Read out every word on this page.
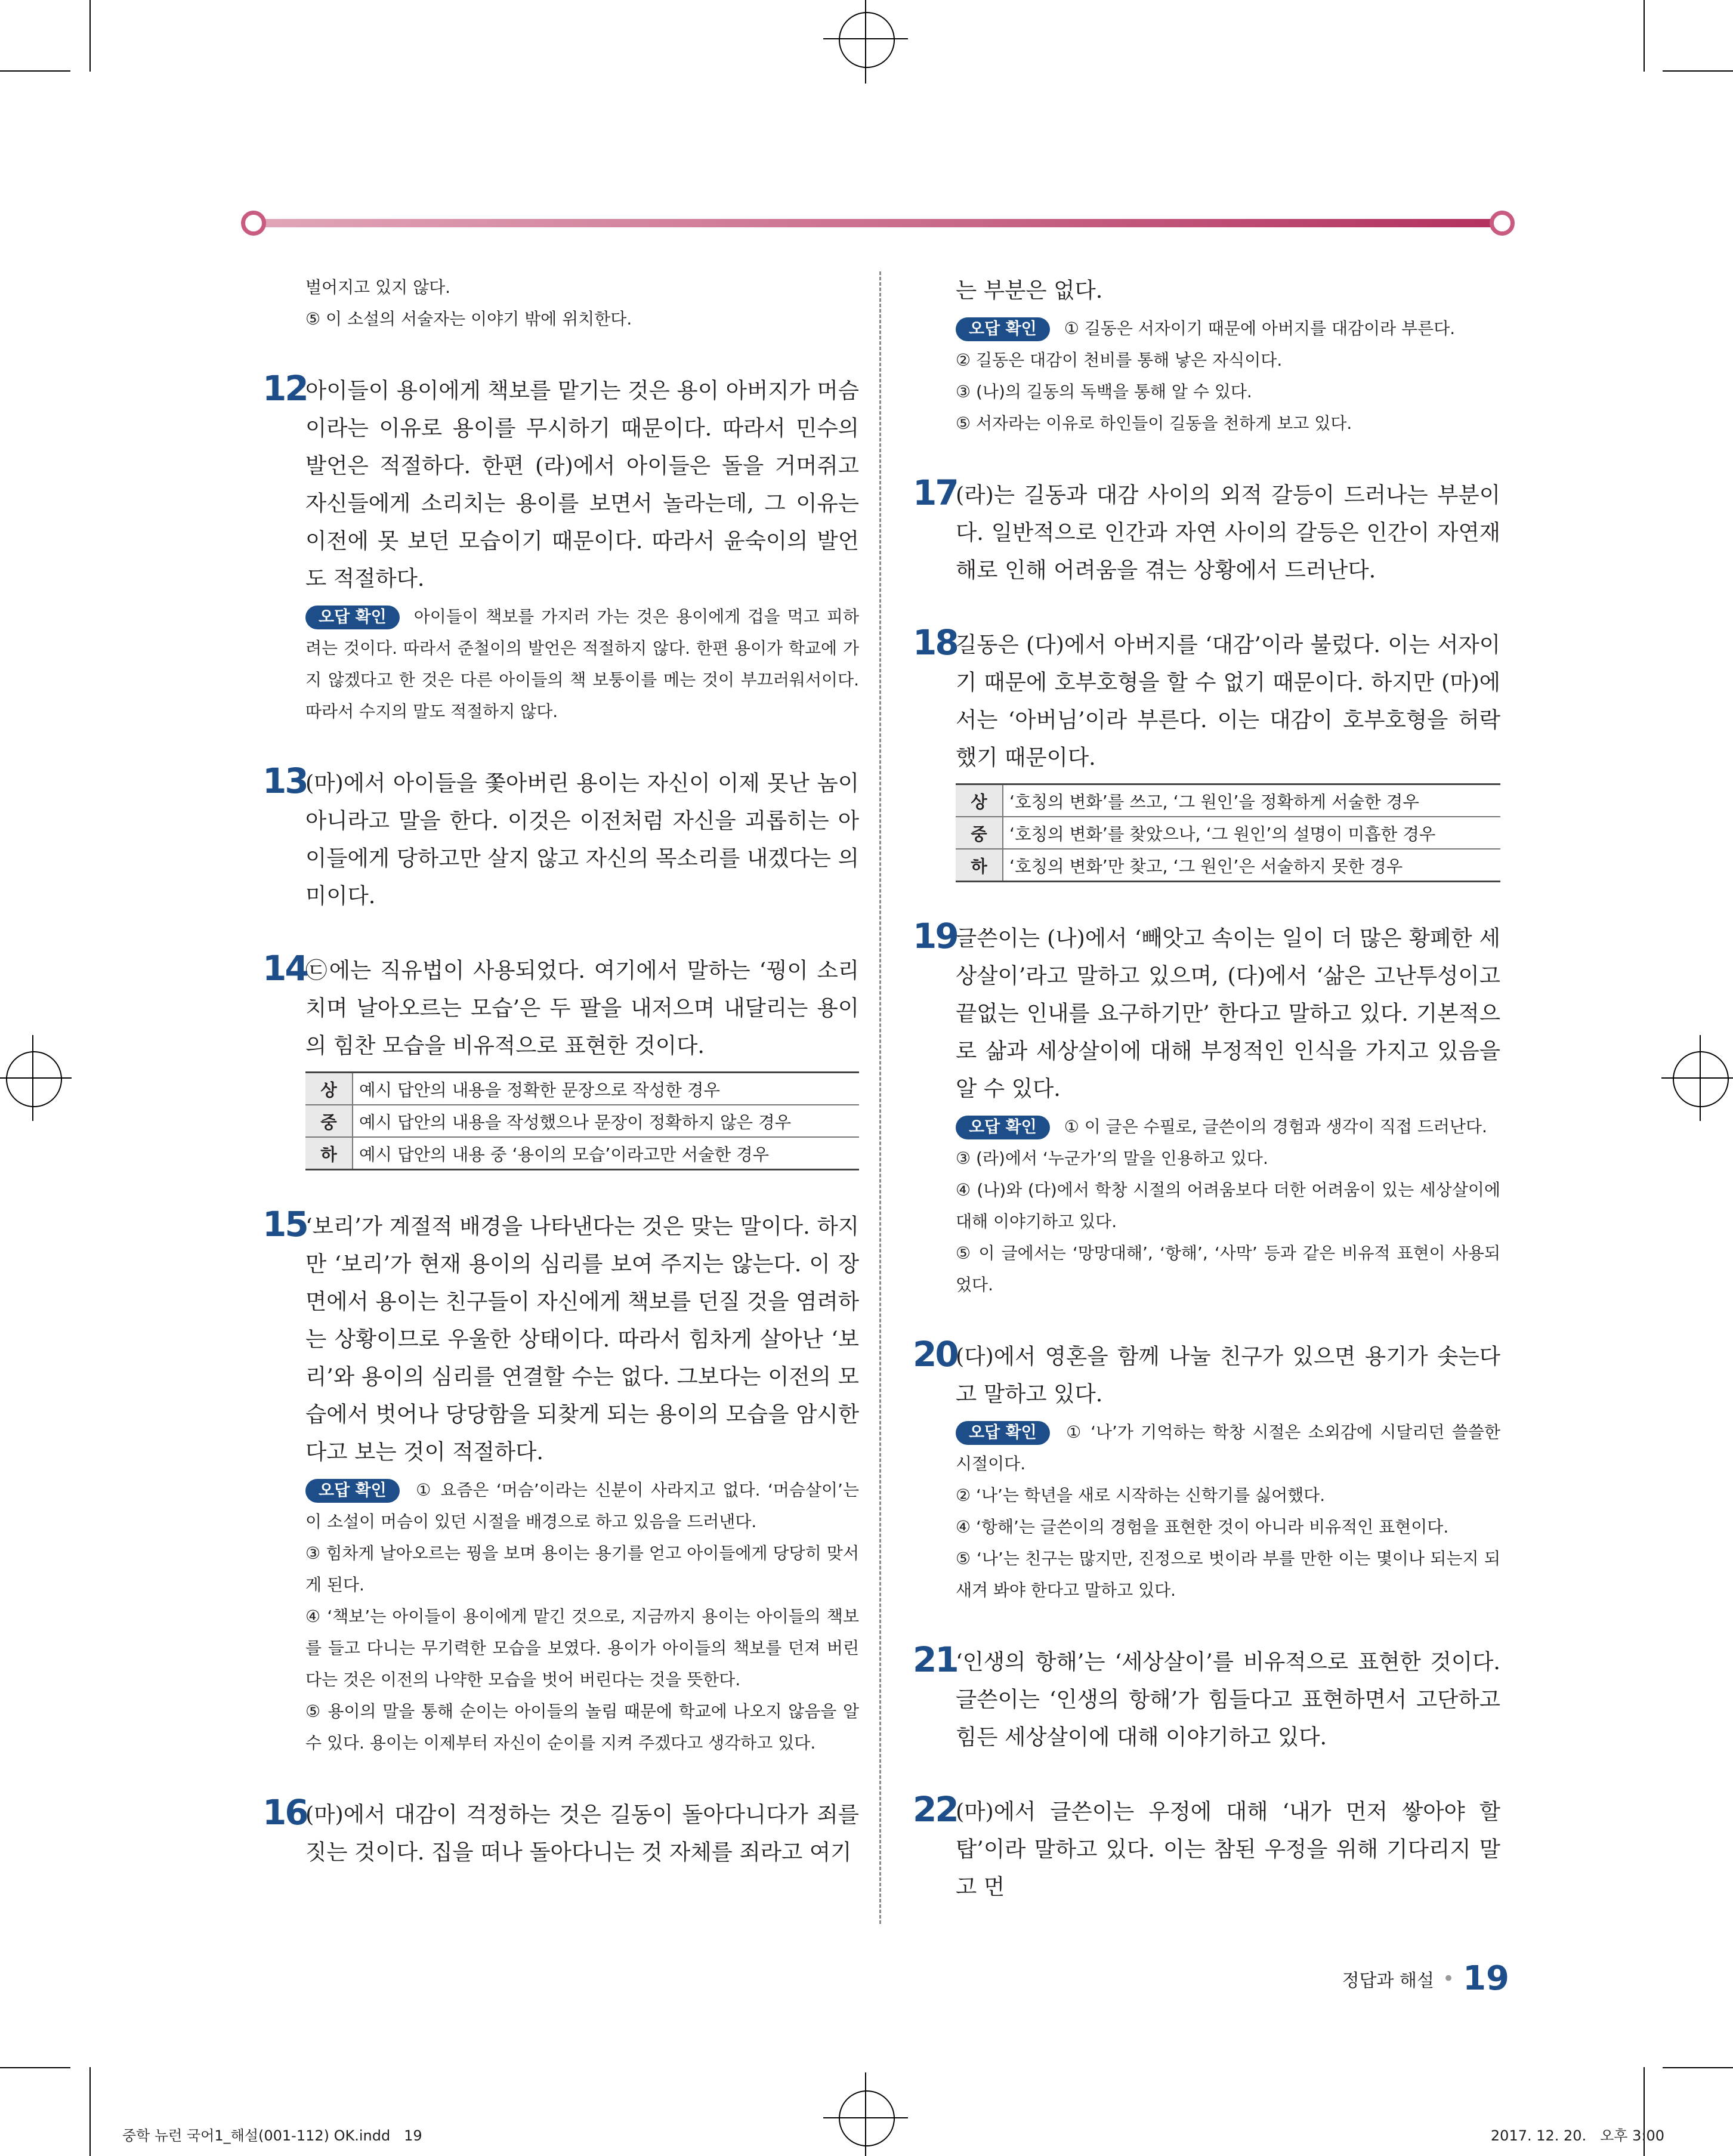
벌어지고 있지 않다.
⑤ 이 소설의 서술자는 이야기 밖에 위치한다.
12

아이들이 용이에게 책보를 맡기는 것은 용이 아버지가 머슴이라는 이유로 용이를 무시하기 때문이다. 따라서 민수의 발언은 적절하다. 한편 (라)에서 아이들은 돌을 거머쥐고 자신들에게 소리치는 용이를 보면서 놀라는데, 그 이유는 이전에 못 보던 모습이기 때문이다. 따라서 윤숙이의 발언도 적절하다.

오답 확인 아이들이 책보를 가지러 가는 것은 용이에게 겁을 먹고 피하려는 것이다. 따라서 준철이의 발언은 적절하지 않다. 한편 용이가 학교에 가지 않겠다고 한 것은 다른 아이들의 책 보퉁이를 메는 것이 부끄러워서이다. 따라서 수지의 말도 적절하지 않다.

13

(마)에서 아이들을 쫓아버린 용이는 자신이 이제 못난 놈이 아니라고 말을 한다. 이것은 이전처럼 자신을 괴롭히는 아이들에게 당하고만 살지 않고 자신의 목소리를 내겠다는 의미이다.

14

㉢에는 직유법이 사용되었다. 여기에서 말하는 ‘꿩이 소리치며 날아오르는 모습’은 두 팔을 내저으며 내달리는 용이의 힘찬 모습을 비유적으로 표현한 것이다.

상	예시 답안의 내용을 정확한 문장으로 작성한 경우
중	예시 답안의 내용을 작성했으나 문장이 정확하지 않은 경우
하	예시 답안의 내용 중 ‘용이의 모습’이라고만 서술한 경우
15

‘보리’가 계절적 배경을 나타낸다는 것은 맞는 말이다. 하지만 ‘보리’가 현재 용이의 심리를 보여 주지는 않는다. 이 장면에서 용이는 친구들이 자신에게 책보를 던질 것을 염려하는 상황이므로 우울한 상태이다. 따라서 힘차게 살아난 ‘보리’와 용이의 심리를 연결할 수는 없다. 그보다는 이전의 모습에서 벗어나 당당함을 되찾게 되는 용이의 모습을 암시한다고 보는 것이 적절하다.

오답 확인 ① 요즘은 ‘머슴’이라는 신분이 사라지고 없다. ‘머슴살이’는 이 소설이 머슴이 있던 시절을 배경으로 하고 있음을 드러낸다.
③ 힘차게 날아오르는 꿩을 보며 용이는 용기를 얻고 아이들에게 당당히 맞서게 된다.
④ ‘책보’는 아이들이 용이에게 맡긴 것으로, 지금까지 용이는 아이들의 책보를 들고 다니는 무기력한 모습을 보였다. 용이가 아이들의 책보를 던져 버린다는 것은 이전의 나약한 모습을 벗어 버린다는 것을 뜻한다.
⑤ 용이의 말을 통해 순이는 아이들의 놀림 때문에 학교에 나오지 않음을 알 수 있다. 용이는 이제부터 자신이 순이를 지켜 주겠다고 생각하고 있다.

16

(마)에서 대감이 걱정하는 것은 길동이 돌아다니다가 죄를 짓는 것이다. 집을 떠나 돌아다니는 것 자체를 죄라고 여기

는 부분은 없다.

오답 확인 ① 길동은 서자이기 때문에 아버지를 대감이라 부른다.
② 길동은 대감이 천비를 통해 낳은 자식이다.
③ (나)의 길동의 독백을 통해 알 수 있다.
⑤ 서자라는 이유로 하인들이 길동을 천하게 보고 있다.

17

(라)는 길동과 대감 사이의 외적 갈등이 드러나는 부분이다. 일반적으로 인간과 자연 사이의 갈등은 인간이 자연재해로 인해 어려움을 겪는 상황에서 드러난다.

18

길동은 (다)에서 아버지를 ‘대감’이라 불렀다. 이는 서자이기 때문에 호부호형을 할 수 없기 때문이다. 하지만 (마)에서는 ‘아버님’이라 부른다. 이는 대감이 호부호형을 허락했기 때문이다.

상	‘호칭의 변화’를 쓰고, ‘그 원인’을 정확하게 서술한 경우
중	‘호칭의 변화’를 찾았으나, ‘그 원인’의 설명이 미흡한 경우
하	‘호칭의 변화’만 찾고, ‘그 원인’은 서술하지 못한 경우
19

글쓴이는 (나)에서 ‘빼앗고 속이는 일이 더 많은 황폐한 세상살이’라고 말하고 있으며, (다)에서 ‘삶은 고난투성이고 끝없는 인내를 요구하기만’ 한다고 말하고 있다. 기본적으로 삶과 세상살이에 대해 부정적인 인식을 가지고 있음을 알 수 있다.

오답 확인 ① 이 글은 수필로, 글쓴이의 경험과 생각이 직접 드러난다.
③ (라)에서 ‘누군가’의 말을 인용하고 있다.
④ (나)와 (다)에서 학창 시절의 어려움보다 더한 어려움이 있는 세상살이에 대해 이야기하고 있다.
⑤ 이 글에서는 ‘망망대해’, ‘항해’, ‘사막’ 등과 같은 비유적 표현이 사용되었다.

20

(다)에서 영혼을 함께 나눌 친구가 있으면 용기가 솟는다고 말하고 있다.

오답 확인 ① ‘나’가 기억하는 학창 시절은 소외감에 시달리던 쓸쓸한 시절이다.
② ‘나’는 학년을 새로 시작하는 신학기를 싫어했다.
④ ‘항해’는 글쓴이의 경험을 표현한 것이 아니라 비유적인 표현이다.
⑤ ‘나’는 친구는 많지만, 진정으로 벗이라 부를 만한 이는 몇이나 되는지 되새겨 봐야 한다고 말하고 있다.

21

‘인생의 항해’는 ‘세상살이’를 비유적으로 표현한 것이다. 글쓴이는 ‘인생의 항해’가 힘들다고 표현하면서 고단하고 힘든 세상살이에 대해 이야기하고 있다.

22

(마)에서 글쓴이는 우정에 대해 ‘내가 먼저 쌓아야 할 탑’이라 말하고 있다. 이는 참된 우정을 위해 기다리지 말고 먼

정답과 해설 • 19
중학 뉴런 국어1_해설(001-112) OK.indd   19	2017. 12. 20.   오후 3:00
